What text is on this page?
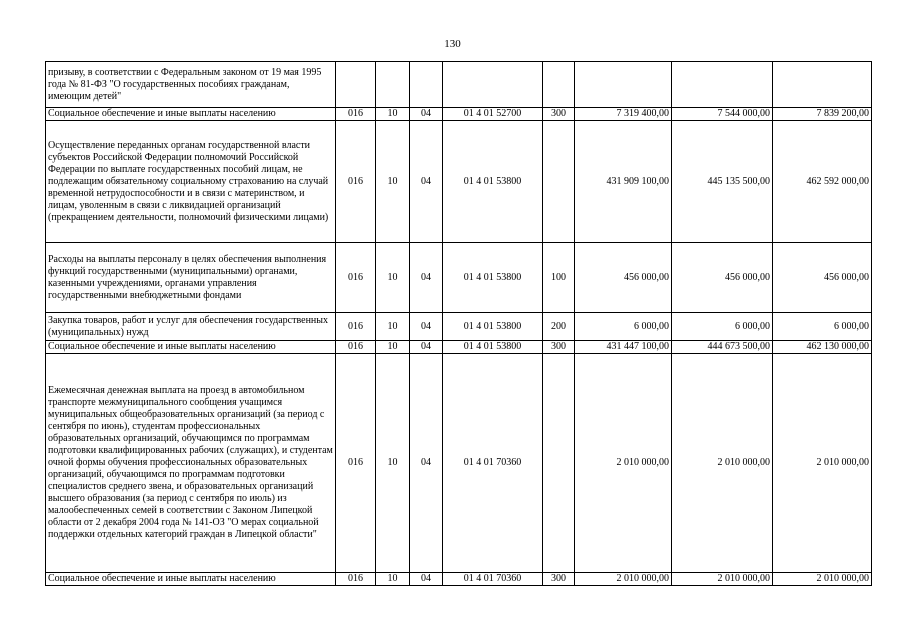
130
призыву, в соответствии с Федеральным законом от 19 мая 1995 года № 81-ФЗ "О государственных пособиях гражданам, имеющим детей"								
Социальное обеспечение и иные выплаты населению	016	10	04	01 4 01 52700	300	7 319 400,00	7 544 000,00	7 839 200,00
Осуществление переданных органам государственной власти субъектов Российской Федерации полномочий Российской Федерации по выплате государственных пособий лицам, не подлежащим обязательному социальному страхованию на случай временной нетрудоспособности и в связи с материнством, и лицам, уволенным в связи с ликвидацией организаций (прекращением деятельности, полномочий физическими лицами)	016	10	04	01 4 01 53800		431 909 100,00	445 135 500,00	462 592 000,00
Расходы на выплаты персоналу в целях обеспечения выполнения функций государственными (муниципальными) органами, казенными учреждениями, органами управления государственными внебюджетными фондами	016	10	04	01 4 01 53800	100	456 000,00	456 000,00	456 000,00
Закупка товаров, работ и услуг для обеспечения государственных (муниципальных) нужд	016	10	04	01 4 01 53800	200	6 000,00	6 000,00	6 000,00
Социальное обеспечение и иные выплаты населению	016	10	04	01 4 01 53800	300	431 447 100,00	444 673 500,00	462 130 000,00
Ежемесячная денежная выплата на проезд в автомобильном транспорте межмуниципального сообщения учащимся муниципальных общеобразовательных организаций (за период с сентября по июнь), студентам профессиональных образовательных организаций, обучающимся по программам подготовки квалифицированных рабочих (служащих), и студентам очной формы обучения профессиональных образовательных организаций, обучающимся по программам подготовки специалистов среднего звена, и образовательных организаций высшего образования (за период с сентября по июль) из малообеспеченных семей в соответствии с Законом Липецкой области от 2 декабря 2004 года № 141-ОЗ "О мерах социальной поддержки отдельных категорий граждан в Липецкой области"	016	10	04	01 4 01 70360		2 010 000,00	2 010 000,00	2 010 000,00
Социальное обеспечение и иные выплаты населению	016	10	04	01 4 01 70360	300	2 010 000,00	2 010 000,00	2 010 000,00
